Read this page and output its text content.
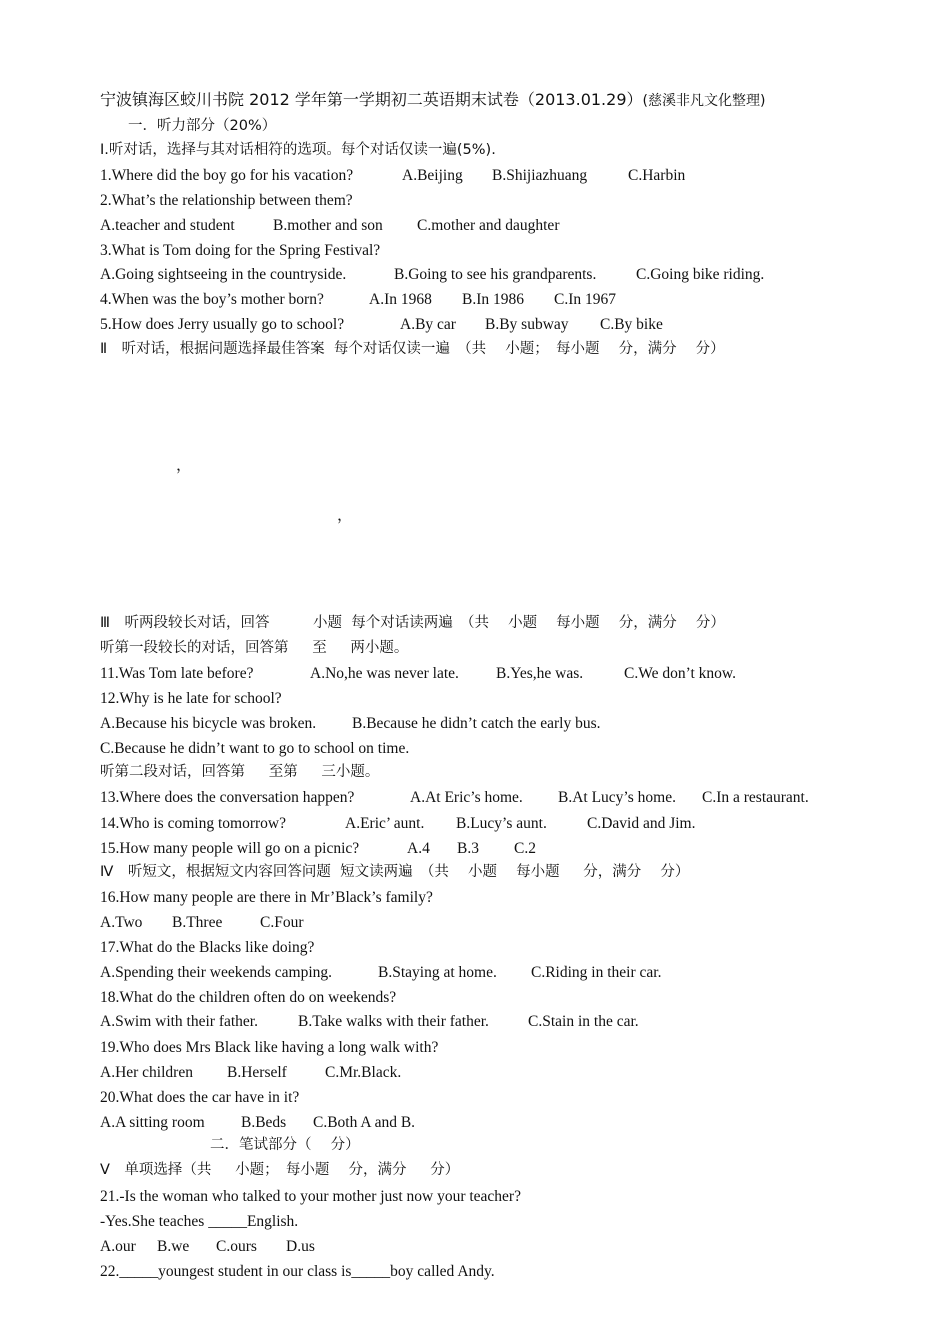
宁波镇海区蛟川书院 2012 学年第一学期初二英语期末试卷（2013.01.29）(慈溪非凡文化整理)
一．听力部分（20%）
I.听对话，选择与其对话相符的选项。每个对话仅读一遍(5%).
1.Where did the boy go for his vacation?	A.Beijing B.Shijiazhuang	C.Harbin
2.What’s the relationship between them?
A.teacher and student B.mother and son C.mother and daughter
3.What is Tom doing for the Spring Festival?
A.Going sightseeing in the countryside.	B.Going to see his grandparents.	C.Going bike riding.
4.When was the boy’s mother born?	A.In 1968 B.In 1986 C.In 1967
5.How does Jerry usually go to school?	A.By car B.By subway C.By bike
Ⅱ　听对话，根据问题选择最佳答案  每个对话仅读一遍　（共　 小题；　每小题　 分，满分　 分）
，
，
Ⅲ　听两段较长对话，回答　　　小题  每个对话读两遍　（共　 小题　 每小题　 分，满分　 分）
听第一段较长的对话，回答第　  至　  两小题。
11.Was Tom late before?	A.No,he was never late. B.Yes,he was.	C.We don’t know.
12.Why is he late for school?
A.Because his bicycle was broken. B.Because he didn’t catch the early bus.
C.Because he didn’t want to go to school on time.
听第二段对话，回答第　  至第　  三小题。
13.Where does the conversation happen?	A.At Eric’s home. B.At Lucy’s home. C.In a restaurant.
14.Who is coming tomorrow?	A.Eric’ aunt. B.Lucy’s aunt.	C.David and Jim.
15.How many people will go on a picnic?	A.4 B.3 C.2
Ⅳ　听短文，根据短文内容回答问题  短文读两遍　（共　 小题　 每小题　  分，满分　 分）
16.How many people are there in Mr’Black’s family?
A.Two B.Three C.Four
17.What do the Blacks like doing?
A.Spending their weekends camping.	B.Staying at home. C.Riding in their car.
18.What do the children often do on weekends?
A.Swim with their father.	B.Take walks with their father.	C.Stain in the car.
19.Who does Mrs Black like having a long walk with?
A.Her children B.Herself C.Mr.Black.
20.What does the car have in it?
A.A sitting room B.Beds C.Both A and B.
二．笔试部分（　 分）
Ⅴ　单项选择（共　  小题；　每小题　 分，满分　  分）
21.-Is the woman who talked to your mother just now your teacher?
-Yes.She teaches _____English.
A.our B.we C.ours D.us
22._____youngest student in our class is_____boy called Andy.
